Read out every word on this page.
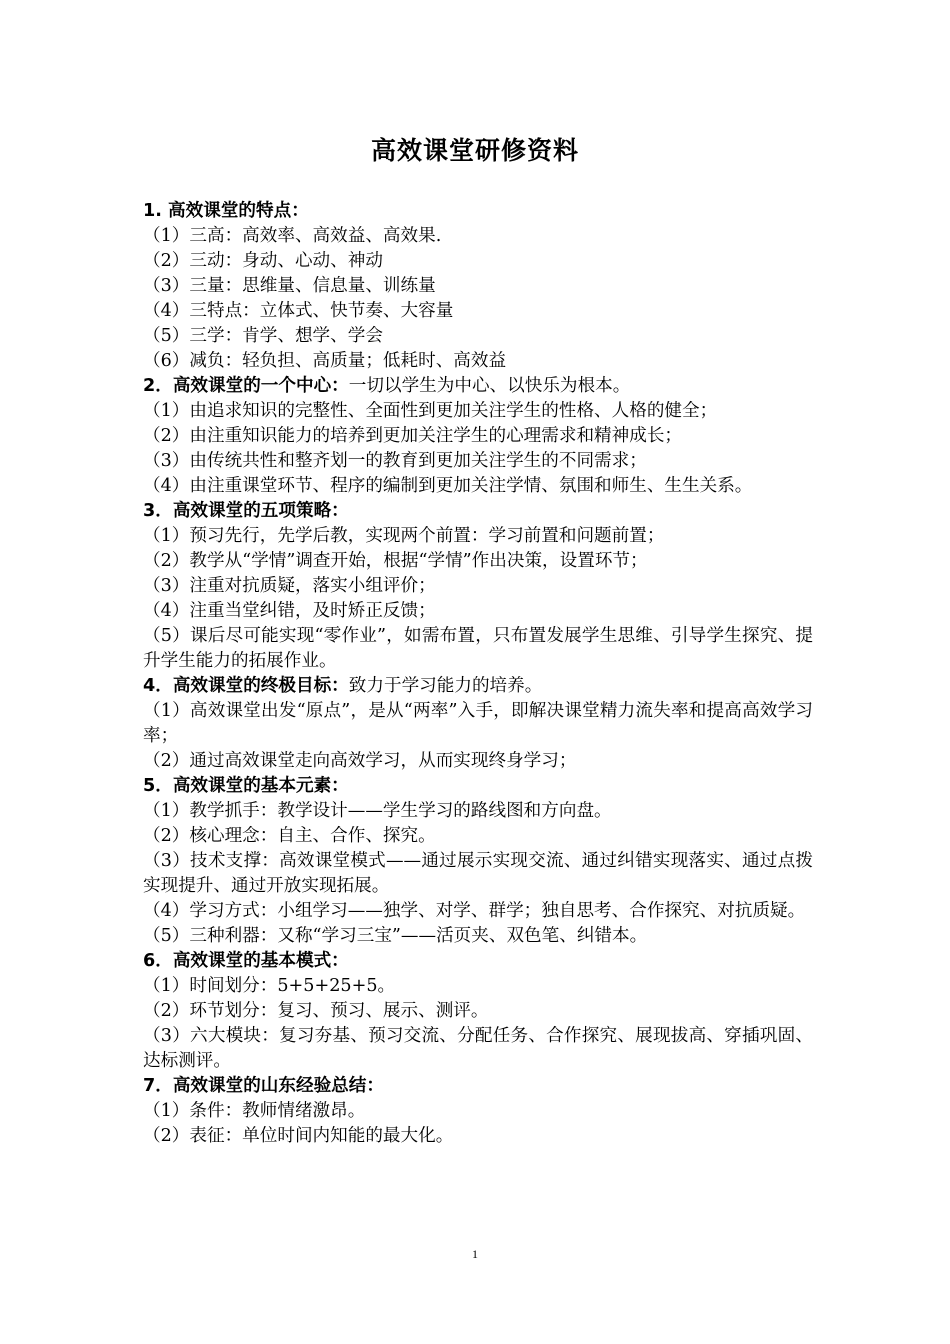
高效课堂研修资料
1. 高效课堂的特点：
（1）三高：高效率、高效益、高效果.
（2）三动：身动、心动、神动
（3）三量：思维量、信息量、训练量
（4）三特点：立体式、快节奏、大容量
（5）三学：肯学、想学、学会
（6）减负：轻负担、高质量；低耗时、高效益
2．高效课堂的一个中心：一切以学生为中心、以快乐为根本。
（1）由追求知识的完整性、全面性到更加关注学生的性格、人格的健全；
（2）由注重知识能力的培养到更加关注学生的心理需求和精神成长；
（3）由传统共性和整齐划一的教育到更加关注学生的不同需求；
（4）由注重课堂环节、程序的编制到更加关注学情、氛围和师生、生生关系。
3．高效课堂的五项策略：
（1）预习先行，先学后教，实现两个前置：学习前置和问题前置；
（2）教学从“学情”调查开始，根据“学情”作出决策，设置环节；
（3）注重对抗质疑，落实小组评价；
（4）注重当堂纠错，及时矫正反馈；
（5）课后尽可能实现“零作业”，如需布置，只布置发展学生思维、引导学生探究、提升学生能力的拓展作业。
4．高效课堂的终极目标：致力于学习能力的培养。
（1）高效课堂出发“原点”，是从“两率”入手，即解决课堂精力流失率和提高高效学习率；
（2）通过高效课堂走向高效学习，从而实现终身学习；
5．高效课堂的基本元素：
（1）教学抓手：教学设计——学生学习的路线图和方向盘。
（2）核心理念：自主、合作、探究。
（3）技术支撑：高效课堂模式——通过展示实现交流、通过纠错实现落实、通过点拨实现提升、通过开放实现拓展。
（4）学习方式：小组学习——独学、对学、群学；独自思考、合作探究、对抗质疑。
（5）三种利器：又称“学习三宝”——活页夹、双色笔、纠错本。
6．高效课堂的基本模式：
（1）时间划分：5+5+25+5。
（2）环节划分：复习、预习、展示、测评。
（3）六大模块：复习夯基、预习交流、分配任务、合作探究、展现拔高、穿插巩固、达标测评。
7．高效课堂的山东经验总结：
（1）条件：教师情绪激昂。
（2）表征：单位时间内知能的最大化。
1
